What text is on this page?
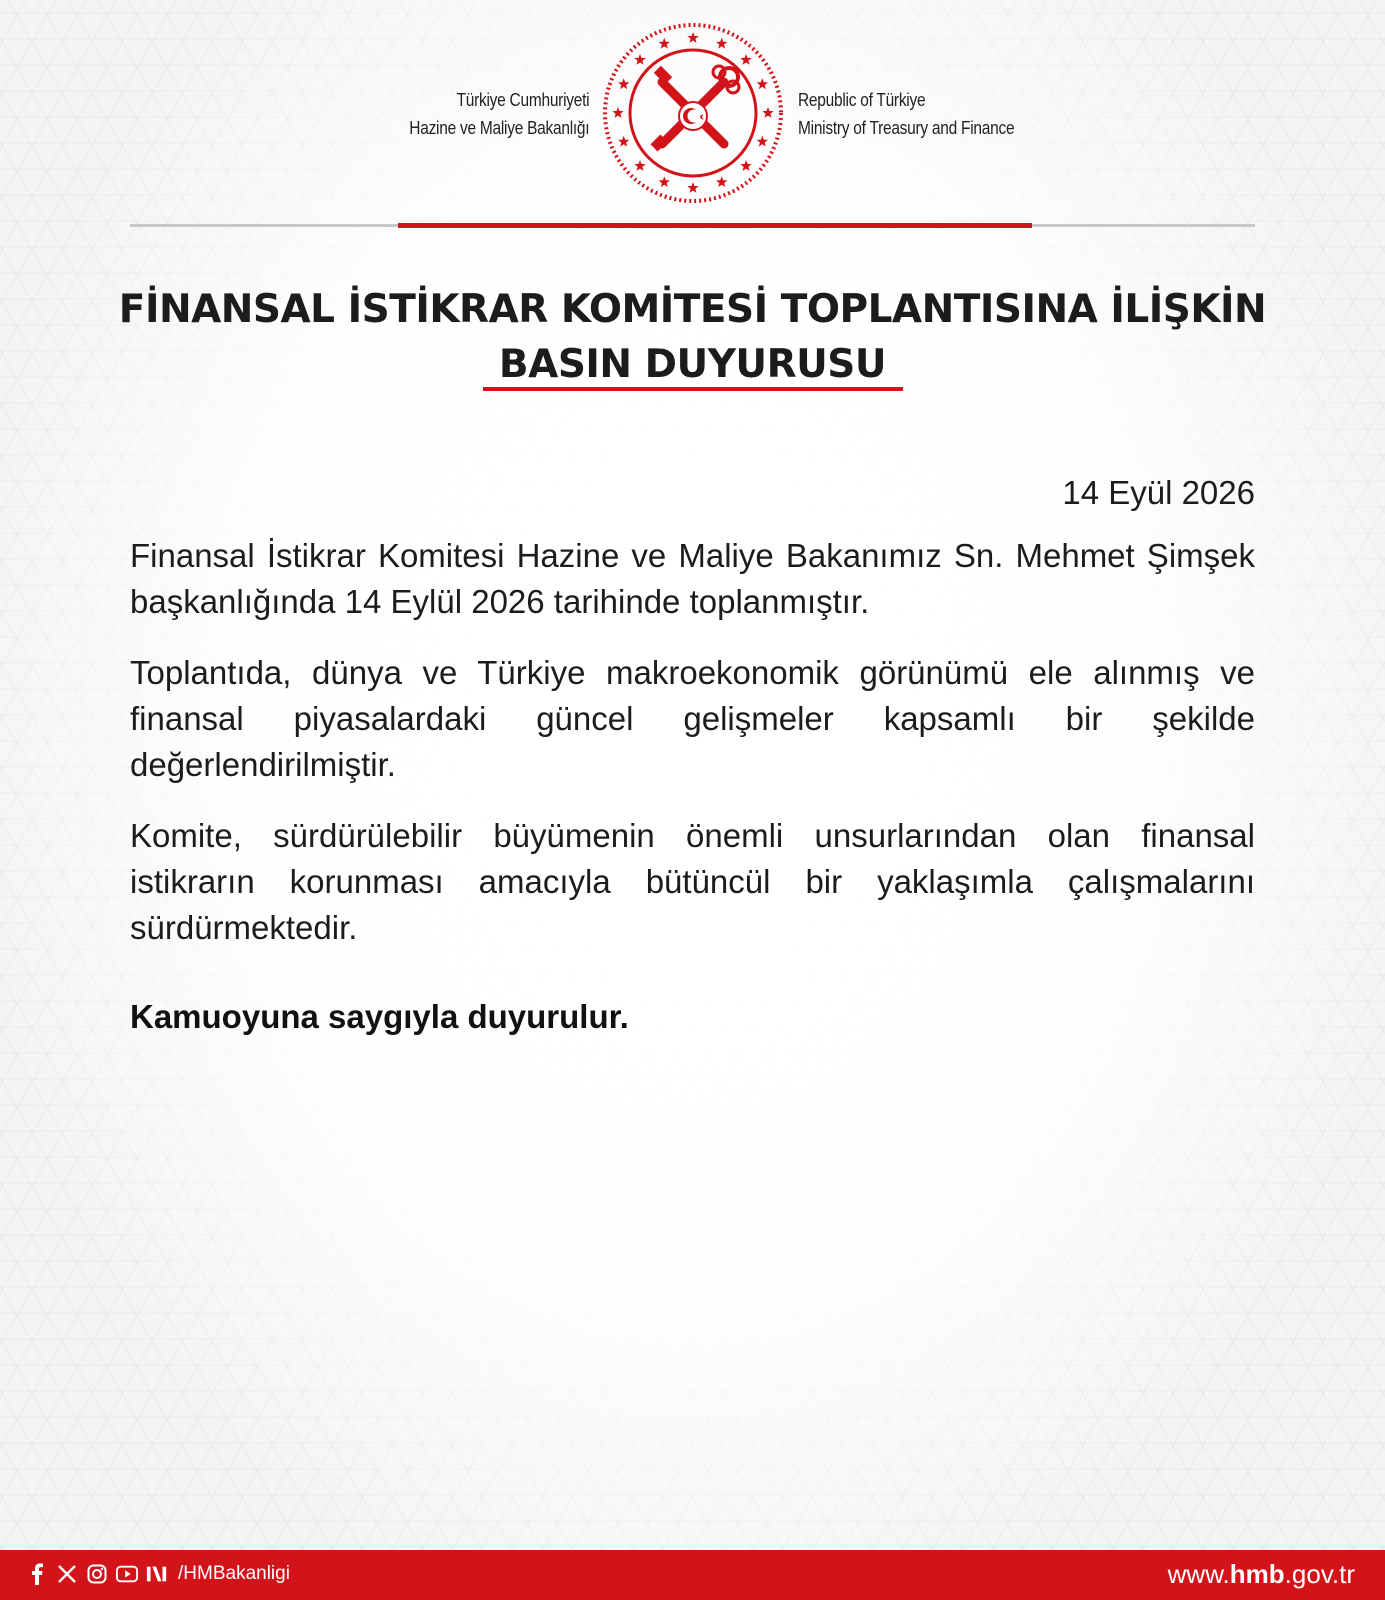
Türkiye Cumhuriyeti
Hazine ve Maliye Bakanlığı
Republic of Türkiye
Ministry of Treasury and Finance
FİNANSAL İSTİKRAR KOMİTESİ TOPLANTISINA İLİŞKİN
BASIN DUYURUSU
14 Eyül 2026

Finansal İstikrar Komitesi Hazine ve Maliye Bakanımız Sn. Mehmet Şimşek başkanlığında 14 Eylül 2026 tarihinde toplanmıştır.

Toplantıda, dünya ve Türkiye makroekonomik görünümü ele alınmış ve finansal piyasalardaki güncel gelişmeler kapsamlı bir şekilde değerlendirilmiştir.

Komite, sürdürülebilir büyümenin önemli unsurlarından olan finansal istikrarın korunması amacıyla bütüncül bir yaklaşımla çalışmalarını sürdürmektedir.

Kamuoyuna saygıyla duyurulur.
/HMBakanligi	www.hmb.gov.tr
